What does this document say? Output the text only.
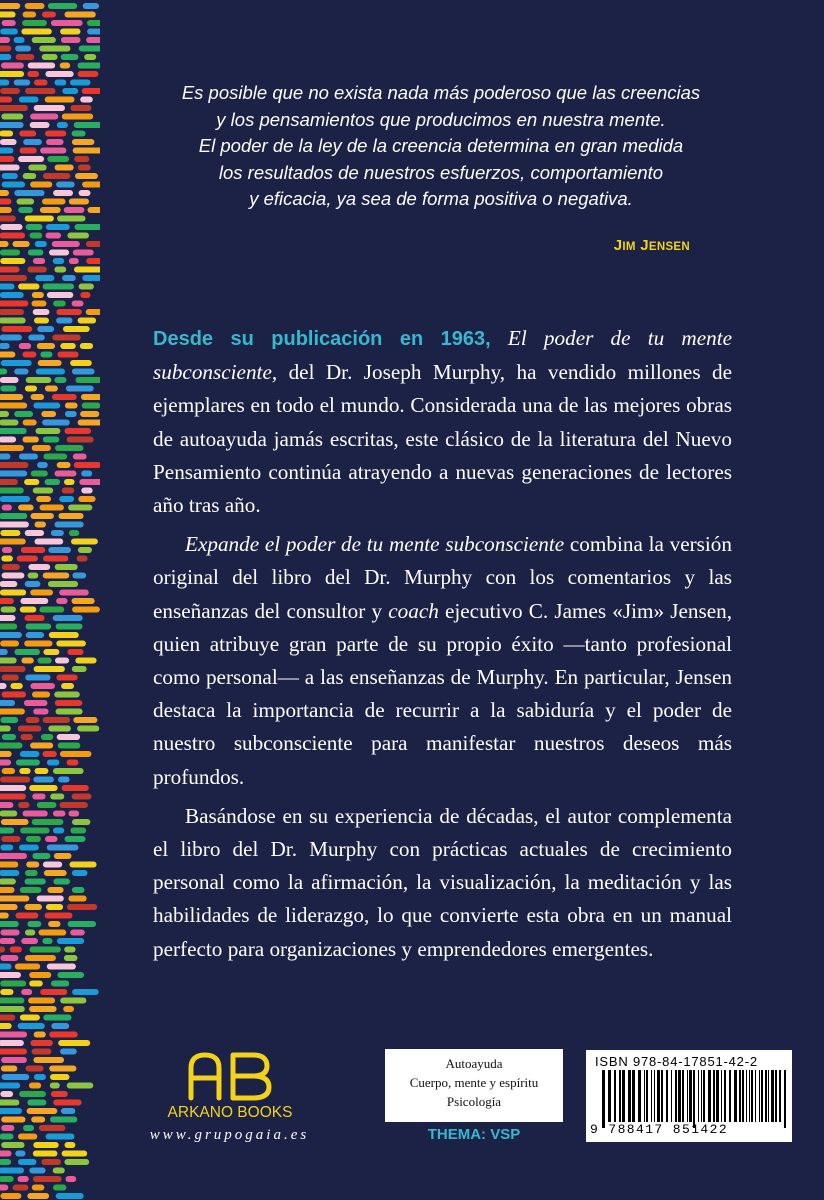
Es posible que no exista nada más poderoso que las creencias
y los pensamientos que producimos en nuestra mente.
El poder de la ley de la creencia determina en gran medida
los resultados de nuestros esfuerzos, comportamiento
y eficacia, ya sea de forma positiva o negativa.
JIM JENSEN

Desde su publicación en 1963, El poder de tu mente subconsciente, del Dr. Joseph Murphy, ha vendido millones de ejemplares en todo el mundo. Considerada una de las mejores obras de autoayuda jamás escritas, este clásico de la literatura del Nuevo Pensamiento continúa atrayendo a nuevas generaciones de lectores año tras año.

Expande el poder de tu mente subconsciente combina la versión original del libro del Dr. Murphy con los comentarios y las enseñanzas del consultor y coach ejecutivo C. James «Jim» Jensen, quien atribuye gran parte de su propio éxito —tanto profesional como personal— a las enseñanzas de Murphy. En particular, Jensen destaca la importancia de recurrir a la sabiduría y el poder de nuestro subconsciente para manifestar nuestros deseos más profundos.

Basándose en su experiencia de décadas, el autor complementa el libro del Dr. Murphy con prácticas actuales de crecimiento personal como la afirmación, la visualización, la meditación y las habilidades de liderazgo, lo que convierte esta obra en un manual perfecto para organizaciones y emprendedores emergentes.

ARKANO BOOKS
www.grupogaia.es
Autoayuda
Cuerpo, mente y espíritu
Psicología
THEMA: VSP
ISBN 978-84-17851-42-2
9 788417 851422
